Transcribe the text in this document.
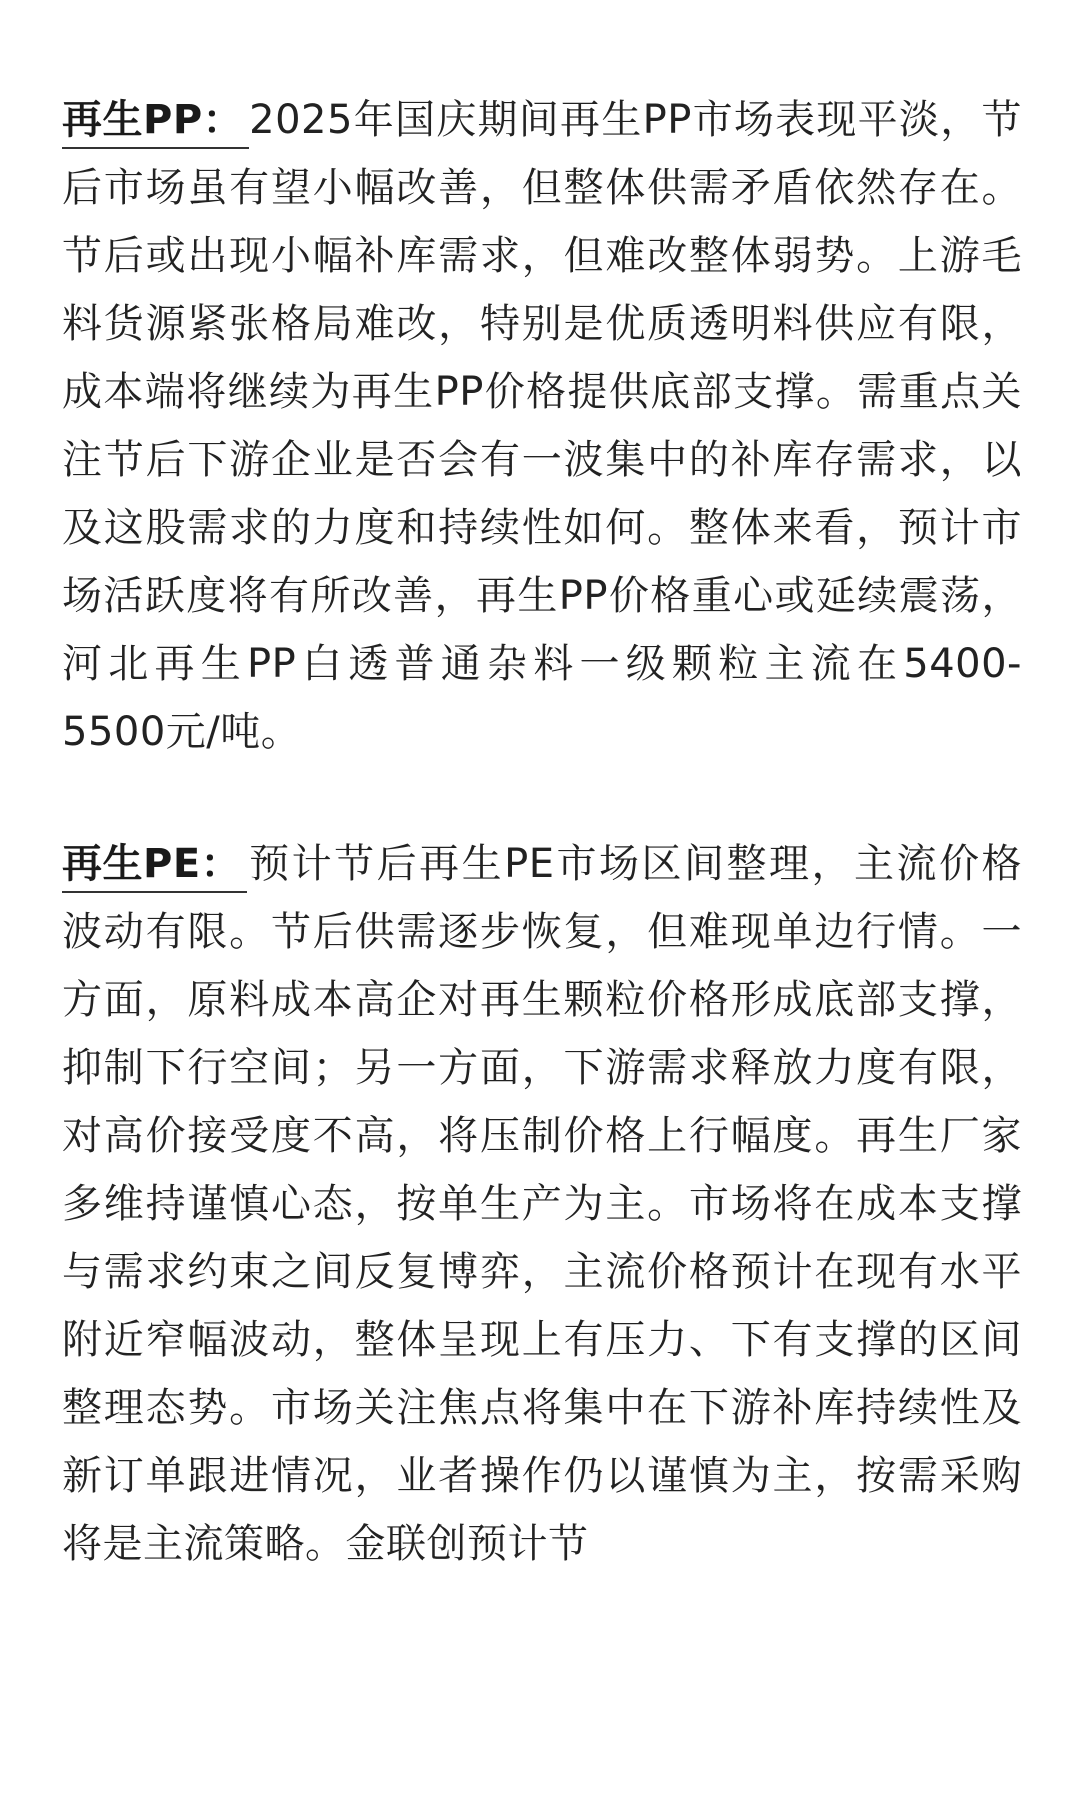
再生PP： 2025年国庆期间再生PP市场表现平淡，节后市场虽有望小幅改善，但整体供需矛盾依然存在。节后或出现小幅补库需求，但难改整体弱势。上游毛料货源紧张格局难改，特别是优质透明料供应有限，成本端将继续为再生PP价格提供底部支撑。需重点关注节后下游企业是否会有一波集中的补库存需求，以及这股需求的力度和持续性如何。整体来看，预计市场活跃度将有所改善，再生PP价格重心或延续震荡，河北再生PP白透普通杂料一级颗粒主流在5400-5500元/吨。

再生PE： 预计节后再生PE市场区间整理，主流价格波动有限。节后供需逐步恢复，但难现单边行情。一方面，原料成本高企对再生颗粒价格形成底部支撑，抑制下行空间；另一方面，下游需求释放力度有限，对高价接受度不高，将压制价格上行幅度。再生厂家多维持谨慎心态，按单生产为主。市场将在成本支撑与需求约束之间反复博弈，主流价格预计在现有水平附近窄幅波动，整体呈现上有压力、下有支撑的区间整理态势。市场关注焦点将集中在下游补库持续性及新订单跟进情况，业者操作仍以谨慎为主，按需采购将是主流策略。金联创预计节
